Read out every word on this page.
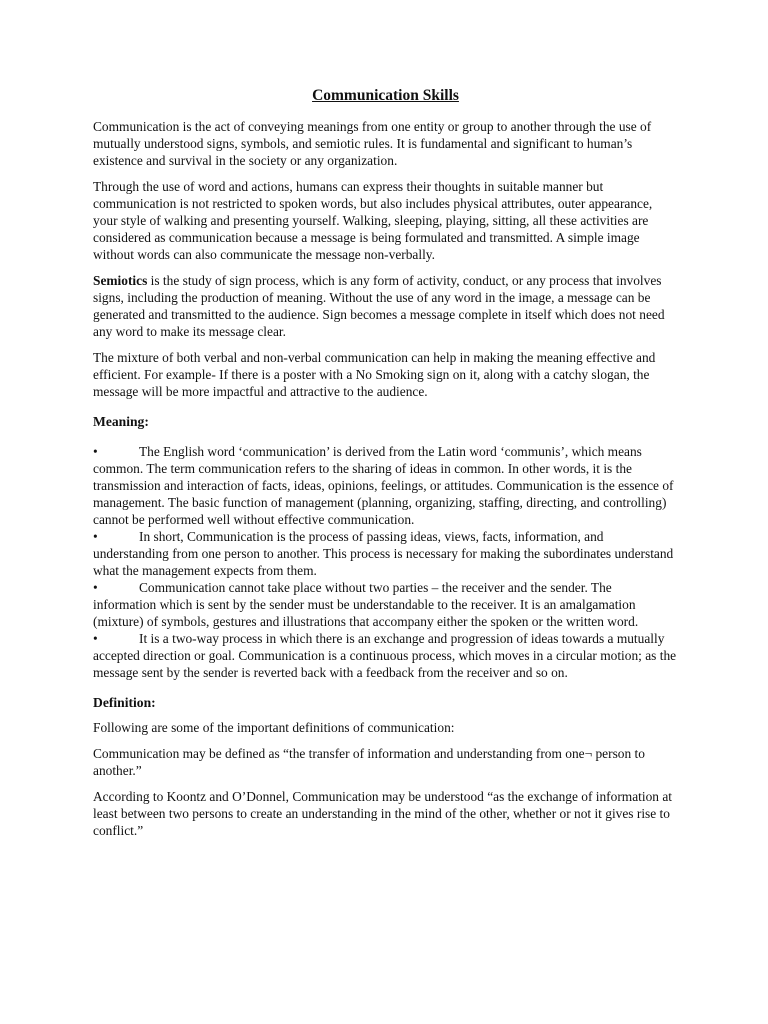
Communication Skills

Communication is the act of conveying meanings from one entity or group to another through the use of mutually understood signs, symbols, and semiotic rules. It is fundamental and significant to human’s existence and survival in the society or any organization.

Through the use of word and actions, humans can express their thoughts in suitable manner but communication is not restricted to spoken words, but also includes physical attributes, outer appearance, your style of walking and presenting yourself. Walking, sleeping, playing, sitting, all these activities are considered as communication because a message is being formulated and transmitted. A simple image without words can also communicate the message non-verbally.

Semiotics is the study of sign process, which is any form of activity, conduct, or any process that involves signs, including the production of meaning. Without the use of any word in the image, a message can be generated and transmitted to the audience. Sign becomes a message complete in itself which does not need any word to make its message clear.

The mixture of both verbal and non-verbal communication can help in making the meaning effective and efficient. For example- If there is a poster with a No Smoking sign on it, along with a catchy slogan, the message will be more impactful and attractive to the audience.

Meaning:

•	The English word ‘communication’ is derived from the Latin word ‘communis’, which means common. The term communication refers to the sharing of ideas in common. In other words, it is the transmission and interaction of facts, ideas, opinions, feelings, or attitudes. Communication is the essence of management. The basic function of management (planning, organizing, staffing, directing, and controlling) cannot be performed well without effective communication.

•	In short, Communication is the process of passing ideas, views, facts, information, and understanding from one person to another. This process is necessary for making the subordinates understand what the management expects from them.

•	Communication cannot take place without two parties – the receiver and the sender. The information which is sent by the sender must be understandable to the receiver. It is an amalgamation (mixture) of symbols, gestures and illustrations that accompany either the spoken or the written word.

•	It is a two-way process in which there is an exchange and progression of ideas towards a mutually accepted direction or goal. Communication is a continuous process, which moves in a circular motion; as the message sent by the sender is reverted back with a feedback from the receiver and so on.

Definition:

Following are some of the important definitions of communication:

Communication may be defined as “the transfer of information and understanding from one¬ person to another.”

According to Koontz and O’Donnel, Communication may be understood “as the exchange of information at least between two persons to create an understanding in the mind of the other, whether or not it gives rise to conflict.”
